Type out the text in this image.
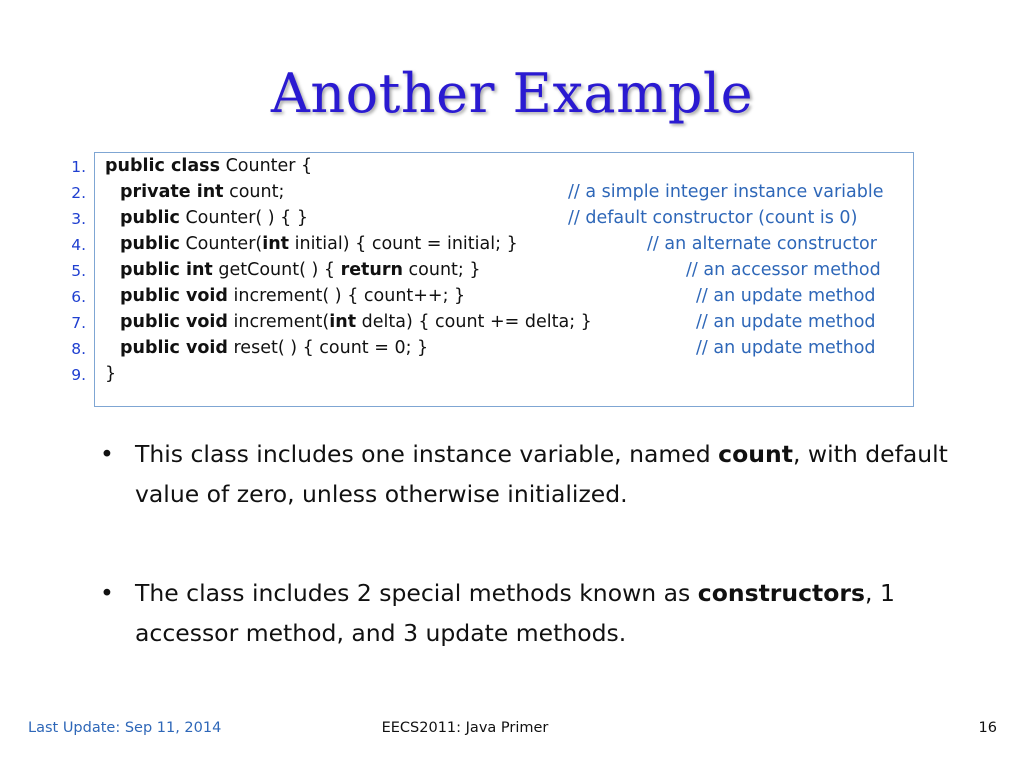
Another Example
1.
2.
3.
4.
5.
6.
7.
8.
9.
public class Counter {
private int count;	// a simple integer instance variable
public Counter( ) { }	// default constructor (count is 0)
public Counter(int initial) { count = initial; }	// an alternate constructor
public int getCount( ) { return count; }	// an accessor method
public void increment( ) { count++; }	// an update method
public void increment(int delta) { count += delta; }	// an update method
public void reset( ) { count = 0; }	// an update method
}
• This class includes one instance variable, named count, with default value of zero, unless otherwise initialized.
• The class includes 2 special methods known as constructors, 1 accessor method, and 3 update methods.
Last Update: Sep 11, 2014	EECS2011: Java Primer	16
